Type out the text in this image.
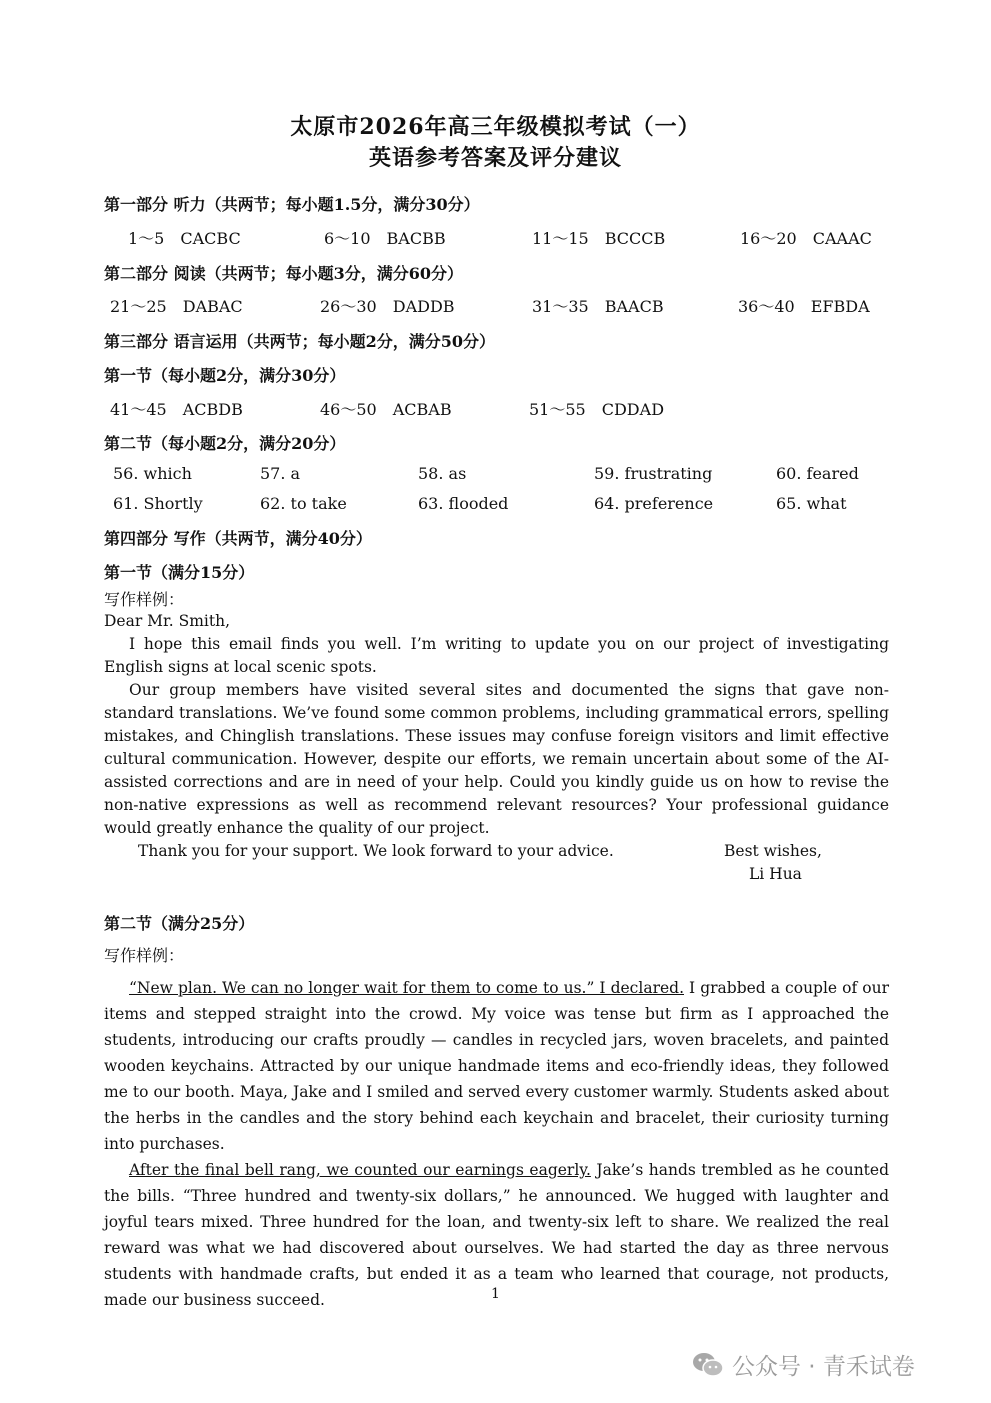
太原市2026年高三年级模拟考试（一）
英语参考答案及评分建议
第一部分 听力（共两节；每小题1.5分，满分30分）
1～5 CACBC	6～10 BACBB	11～15 BCCCB	16～20 CAAAC
第二部分 阅读（共两节；每小题3分，满分60分）
21～25 DABAC	26～30 DADDB	31～35 BAACB	36～40 EFBDA
第三部分 语言运用（共两节；每小题2分，满分50分）
第一节（每小题2分，满分30分）
41～45 ACBDB	46～50 ACBAB	51～55 CDDAD
第二节（每小题2分，满分20分）
56. which	57. a	58. as	59. frustrating	60. feared
61. Shortly	62. to take	63. flooded	64. preference	65. what
第四部分 写作（共两节，满分40分）
第一节（满分15分）
写作样例：

Dear Mr. Smith,

I hope this email finds you well. I’m writing to update you on our project of investigating English signs at local scenic spots.

Our group members have visited several sites and documented the signs that gave non-standard translations. We’ve found some common problems, including grammatical errors, spelling mistakes, and Chinglish translations. These issues may confuse foreign visitors and limit effective cultural communication. However, despite our efforts, we remain uncertain about some of the AI-assisted corrections and are in need of your help. Could you kindly guide us on how to revise the non-native expressions as well as recommend relevant resources? Your professional guidance would greatly enhance the quality of our project.

Thank you for your support. We look forward to your advice.	Best wishes,
Li Hua
第二节（满分25分）
写作样例：

“New plan. We can no longer wait for them to come to us.” I declared. I grabbed a couple of our items and stepped straight into the crowd. My voice was tense but firm as I approached the students, introducing our crafts proudly — candles in recycled jars, woven bracelets, and painted wooden keychains. Attracted by our unique handmade items and eco-friendly ideas, they followed me to our booth. Maya, Jake and I smiled and served every customer warmly. Students asked about the herbs in the candles and the story behind each keychain and bracelet, their curiosity turning into purchases.

After the final bell rang, we counted our earnings eagerly. Jake’s hands trembled as he counted the bills. “Three hundred and twenty-six dollars,” he announced. We hugged with laughter and joyful tears mixed. Three hundred for the loan, and twenty-six left to share. We realized the real reward was what we had discovered about ourselves. We had started the day as three nervous students with handmade crafts, but ended it as a team who learned that courage, not products, made our business succeed.	1
公众号 · 青禾试卷
